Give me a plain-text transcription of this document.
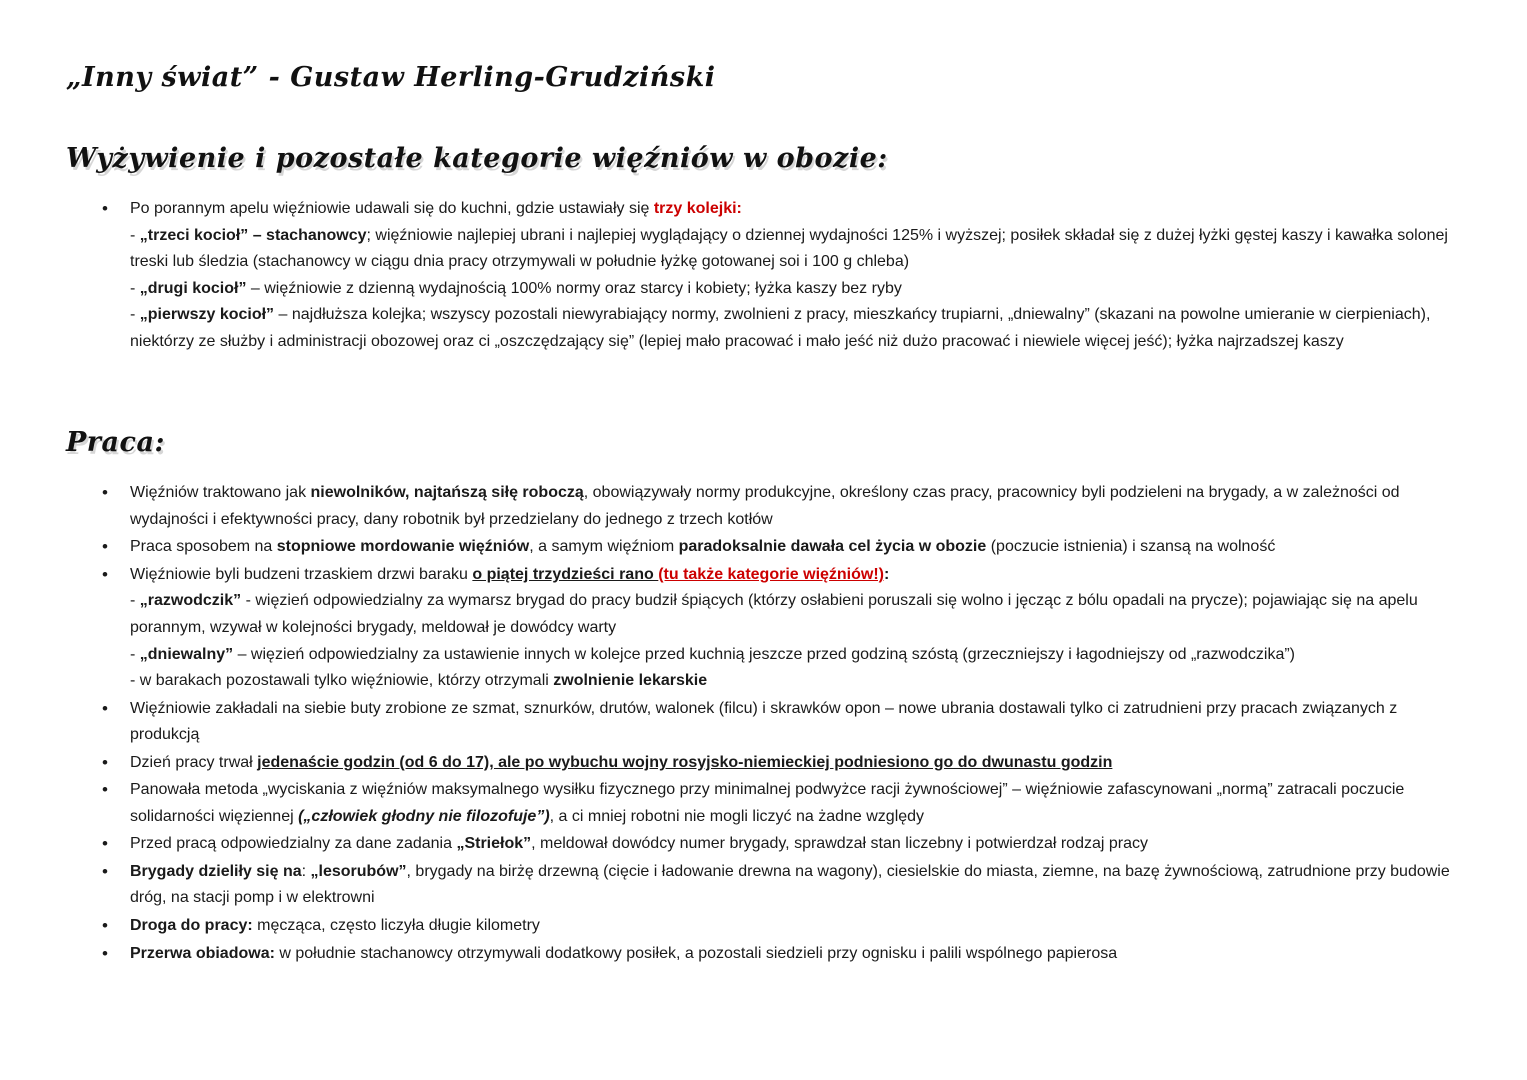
„Inny świat” - Gustaw Herling-Grudziński
Wyżywienie i pozostałe kategorie więźniów w obozie:
• Po porannym apelu więźniowie udawali się do kuchni, gdzie ustawiały się trzy kolejki:
- „trzeci kocioł” – stachanowcy; więźniowie najlepiej ubrani i najlepiej wyglądający o dziennej wydajności 125% i wyższej; posiłek składał się z dużej łyżki gęstej kaszy i kawałka solonej treski lub śledzia (stachanowcy w ciągu dnia pracy otrzymywali w południe łyżkę gotowanej soi i 100 g chleba)
- „drugi kocioł” – więźniowie z dzienną wydajnością 100% normy oraz starcy i kobiety; łyżka kaszy bez ryby
- „pierwszy kocioł” – najdłuższa kolejka; wszyscy pozostali niewyrabiający normy, zwolnieni z pracy, mieszkańcy trupiarni, „dniewalny” (skazani na powolne umieranie w cierpieniach), niektórzy ze służby i administracji obozowej oraz ci „oszczędzający się” (lepiej mało pracować i mało jeść niż dużo pracować i niewiele więcej jeść); łyżka najrzadszej kaszy
Praca:
• Więźniów traktowano jak niewolników, najtańszą siłę roboczą, obowiązywały normy produkcyjne, określony czas pracy, pracownicy byli podzieleni na brygady, a w zależności od wydajności i efektywności pracy, dany robotnik był przedzielany do jednego z trzech kotłów
• Praca sposobem na stopniowe mordowanie więźniów, a samym więźniom paradoksalnie dawała cel życia w obozie (poczucie istnienia) i szansą na wolność
• Więźniowie byli budzeni trzaskiem drzwi baraku o piątej trzydzieści rano (tu także kategorie więźniów!):
- „razwodczik” - więzień odpowiedzialny za wymarsz brygad do pracy budził śpiących (którzy osłabieni poruszali się wolno i jęcząc z bólu opadali na prycze); pojawiając się na apelu porannym, wzywał w kolejności brygady, meldował je dowódcy warty
- „dniewalny” – więzień odpowiedzialny za ustawienie innych w kolejce przed kuchnią jeszcze przed godziną szóstą (grzeczniejszy i łagodniejszy od „razwodczika”)
- w barakach pozostawali tylko więźniowie, którzy otrzymali zwolnienie lekarskie
• Więźniowie zakładali na siebie buty zrobione ze szmat, sznurków, drutów, walonek (filcu) i skrawków opon – nowe ubrania dostawali tylko ci zatrudnieni przy pracach związanych z produkcją
• Dzień pracy trwał jedenaście godzin (od 6 do 17), ale po wybuchu wojny rosyjsko-niemieckiej podniesiono go do dwunastu godzin
• Panowała metoda „wyciskania z więźniów maksymalnego wysiłku fizycznego przy minimalnej podwyżce racji żywnościowej” – więźniowie zafascynowani „normą” zatracali poczucie solidarności więziennej („człowiek głodny nie filozofuje”), a ci mniej robotni nie mogli liczyć na żadne względy
• Przed pracą odpowiedzialny za dane zadania „Striełok”, meldował dowódcy numer brygady, sprawdzał stan liczebny i potwierdzał rodzaj pracy
• Brygady dzieliły się na: „lesorubów”, brygady na birżę drzewną (cięcie i ładowanie drewna na wagony), ciesielskie do miasta, ziemne, na bazę żywnościową, zatrudnione przy budowie dróg, na stacji pomp i w elektrowni
• Droga do pracy: męcząca, często liczyła długie kilometry
• Przerwa obiadowa: w południe stachanowcy otrzymywali dodatkowy posiłek, a pozostali siedzieli przy ognisku i palili wspólnego papierosa
